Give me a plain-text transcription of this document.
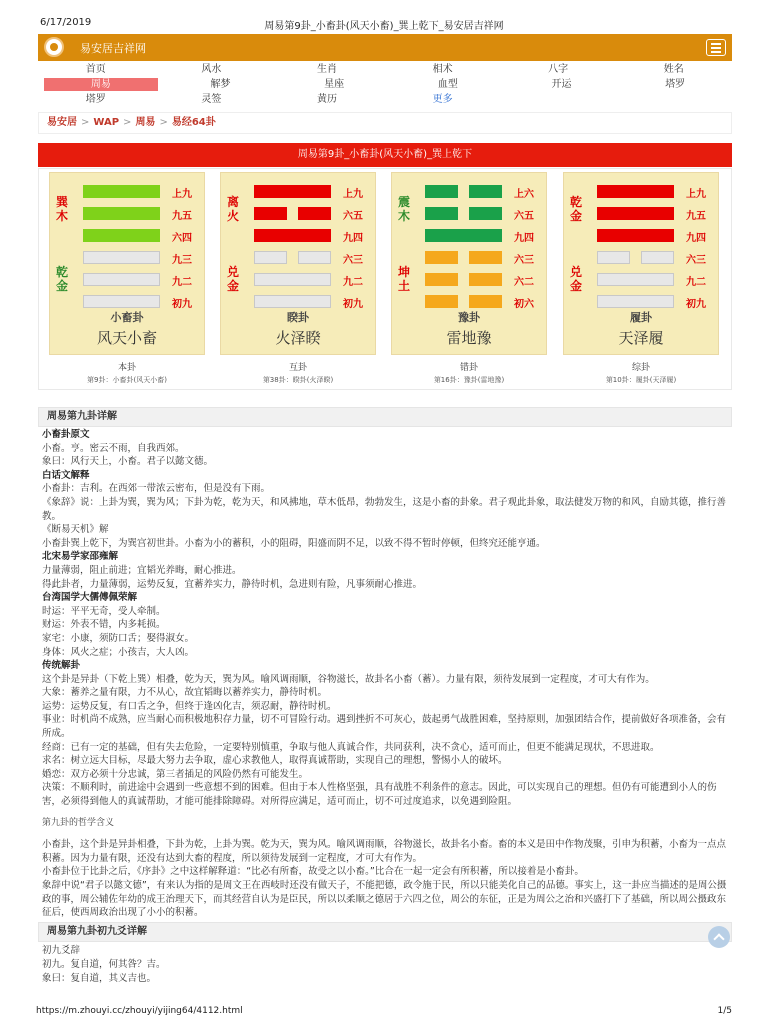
6/17/2019	周易第9卦_小畜卦(风天小畜)_巽上乾下_易安居吉祥网
易安居吉祥网
首页	风水	生肖	相术	八字	姓名
周易	解梦	星座	血型	开运	塔罗
塔罗	灵签	黄历	更多
易安居 > WAP > 周易 > 易经64卦
周易第9卦_小畜卦(风天小畜)_巽上乾下
巽木
乾金
上九
九五
六四
九三
九二
初九
小畜卦
风天小畜
本卦
第9卦：小畜卦(风天小畜)
离火
兑金
上九
六五
九四
六三
九二
初九
睽卦
火泽睽
互卦
第38卦：睽卦(火泽睽)
震木
坤土
上六
六五
九四
六三
六二
初六
豫卦
雷地豫
错卦
第16卦：豫卦(雷地豫)
乾金
兑金
上九
九五
九四
六三
九二
初九
履卦
天泽履
综卦
第10卦：履卦(天泽履)
周易第九卦详解
小畜卦原文
小畜。亨。密云不雨，自我西郊。
象曰：风行天上，小畜。君子以懿文德。
白话文解释
小畜卦：吉利。在西郊一带浓云密布，但是没有下雨。
《象辞》说：上卦为巽，巽为风；下卦为乾，乾为天，和风拂地，草木低昂，勃勃发生，这是小畜的卦象。君子观此卦象，取法健发万物的和风，自励其德，推行善教。
《断易天机》解
小畜卦巽上乾下，为巽宫初世卦。小畜为小的蓄积，小的阻碍，阳盛而阴不足，以致不得不暂时停顿，但终究还能亨通。
北宋易学家邵雍解
力量薄弱，阻止前进；宜韬光养晦，耐心推进。
得此卦者，力量薄弱，运势反复，宜蓄养实力，静待时机，急进则有险，凡事须耐心推进。
台湾国学大儒傅佩荣解
时运：平平无奇，受人牵制。
财运：外表不错，内多耗损。
家宅：小康，须防口舌；娶得淑女。
身体：风火之症；小孩吉，大人凶。
传统解卦
这个卦是异卦（下乾上巽）相叠，乾为天，巽为风。喻风调雨顺，谷物滋长，故卦名小畜（蓄）。力量有限，须待发展到一定程度，才可大有作为。
大象：蓄养之量有限，力不从心，故宜韬晦以蓄养实力，静待时机。
运势：运势反复，有口舌之争，但终于逢凶化吉，须忍耐，静待时机。
事业：时机尚不成熟，应当耐心而积极地积存力量，切不可冒险行动。遇到挫折不可灰心，鼓起勇气战胜困难，坚持原则，加强团结合作，提前做好各项准备，会有所成。
经商：已有一定的基础，但有失去危险，一定要特别慎重，争取与他人真诚合作，共同获利，决不贪心，适可而止，但更不能满足现状，不思进取。
求名：树立远大目标，尽最大努力去争取，虚心求教他人，取得真诚帮助，实现自己的理想，警惕小人的破坏。
婚恋：双方必须十分忠诚，第三者插足的风险仍然有可能发生。
决策：不顺利时，前进途中会遇到一些意想不到的困难。但由于本人性格坚强，具有战胜不利条件的意志。因此，可以实现自己的理想。但仍有可能遭到小人的伤害，必须得到他人的真诚帮助，才能可能排除障碍。对所得应满足，适可而止，切不可过度追求，以免遇到险阻。
第九卦的哲学含义
小畜卦，这个卦是异卦相叠，下卦为乾，上卦为巽。乾为天，巽为风。喻风调雨顺，谷物滋长，故卦名小畜。畜的本义是田中作物茂聚，引申为积蓄，小畜为一点点积蓄。因为力量有限，还没有达到大畜的程度，所以须待发展到一定程度，才可大有作为。
小畜卦位于比卦之后，《序卦》之中这样解释道：“比必有所畜，故受之以小畜。”比合在一起一定会有所积蓄，所以接着是小畜卦。
象辞中说“君子以懿文德”，有来认为指的是周文王在西岐时还没有做天子，不能把德，政令施于民，所以只能美化自己的品德。事实上，这一卦应当描述的是周公摄政的事，周公辅佐年幼的成王治理天下，而其经营自认为是臣民，所以以柔顺之德居于六四之位，周公的东征，正是为周公之治和兴盛打下了基础，所以周公摄政东征后，使西周政治出现了小小的积蓄。
周易第九卦初九爻详解
初九爻辞
初九。复自道，何其咎？吉。
象曰：复自道，其义吉也。
https://m.zhouyi.cc/zhouyi/yijing64/4112.html	1/5
